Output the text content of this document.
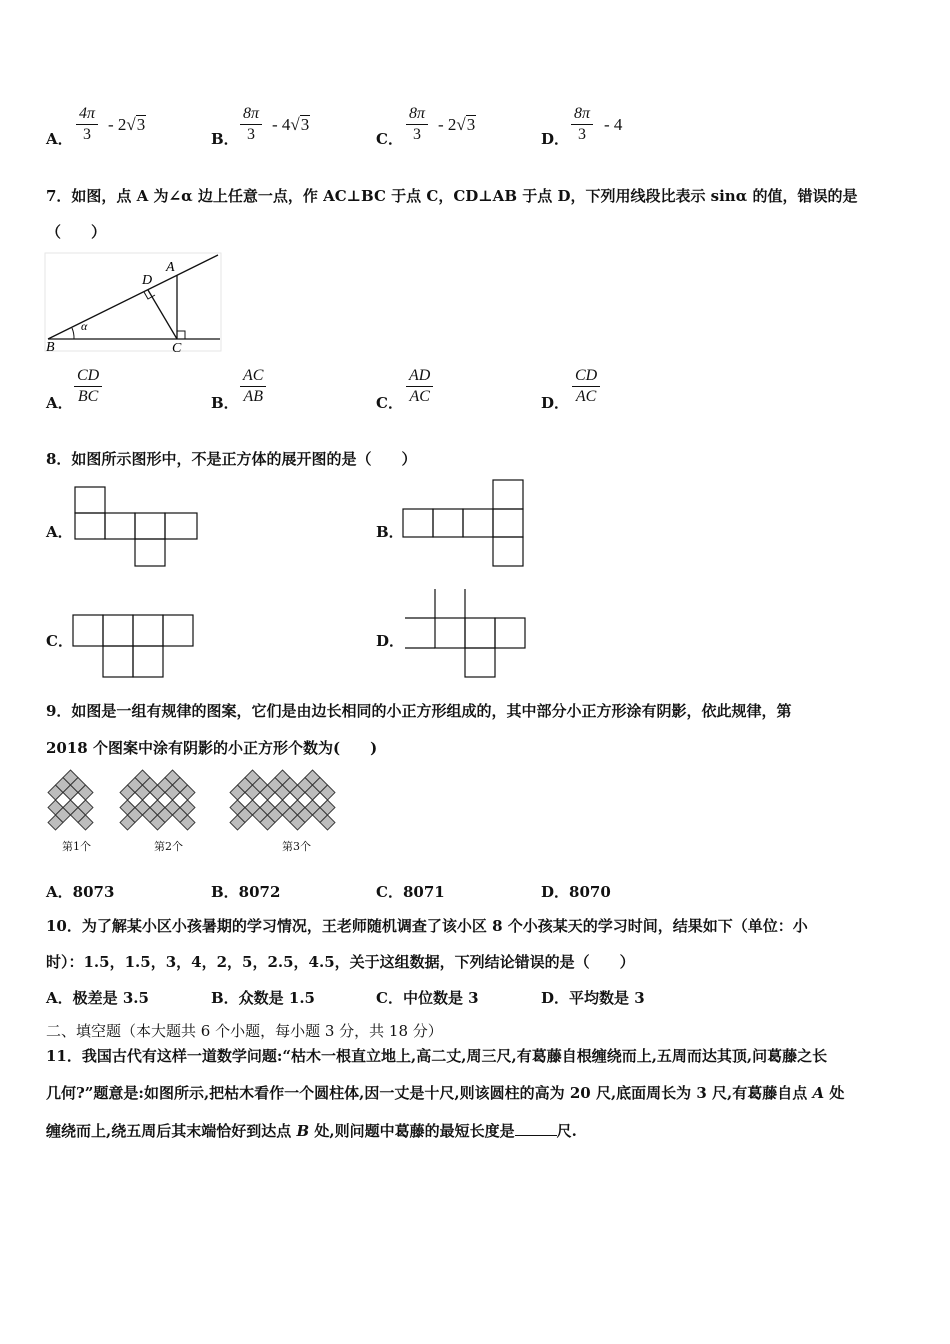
A． $\frac{4\pi}{3} - 2√3$
B． $\frac{8\pi}{3} - 4√3$
C． $\frac{8\pi}{3} - 2√3$
D． $\frac{8\pi}{3} - 4$
7．如图，点 A 为∠α 边上任意一点，作 AC⊥BC 于点 C，CD⊥AB 于点 D，下列用线段比表示 sinα 的值，错误的是
（　　）
B	C
D
A
α
A． $\frac{CD}{BC}$	B． $\frac{AC}{AB}$	C． $\frac{AD}{AC}$	D． $\frac{CD}{AC}$
8．如图所示图形中，不是正方体的展开图的是（　　）
A．	B．
C．	D．
9．如图是一组有规律的图案，它们是由边长相同的小正方形组成的，其中部分小正方形涂有阴影，依此规律，第
2018 个图案中涂有阴影的小正方形个数为(　　)
第1个	第2个	第3个
A．8073	B．8072	C．8071	D．8070
10．为了解某小区小孩暑期的学习情况，王老师随机调查了该小区 8 个小孩某天的学习时间，结果如下（单位：小
时）：1.5，1.5，3，4，2，5，2.5，4.5，关于这组数据，下列结论错误的是（　　）
A．极差是 3.5	B．众数是 1.5	C．中位数是 3	D．平均数是 3
二、填空题（本大题共 6 个小题，每小题 3 分，共 18 分）
11．我国古代有这样一道数学问题:“枯木一根直立地上,高二丈,周三尺,有葛藤自根缠绕而上,五周而达其顶,问葛藤之长
几何?”题意是:如图所示,把枯木看作一个圆柱体,因一丈是十尺,则该圆柱的高为 20 尺,底面周长为 3 尺,有葛藤自点 A 处
缠绕而上,绕五周后其末端恰好到达点 B 处,则问题中葛藤的最短长度是	尺.
